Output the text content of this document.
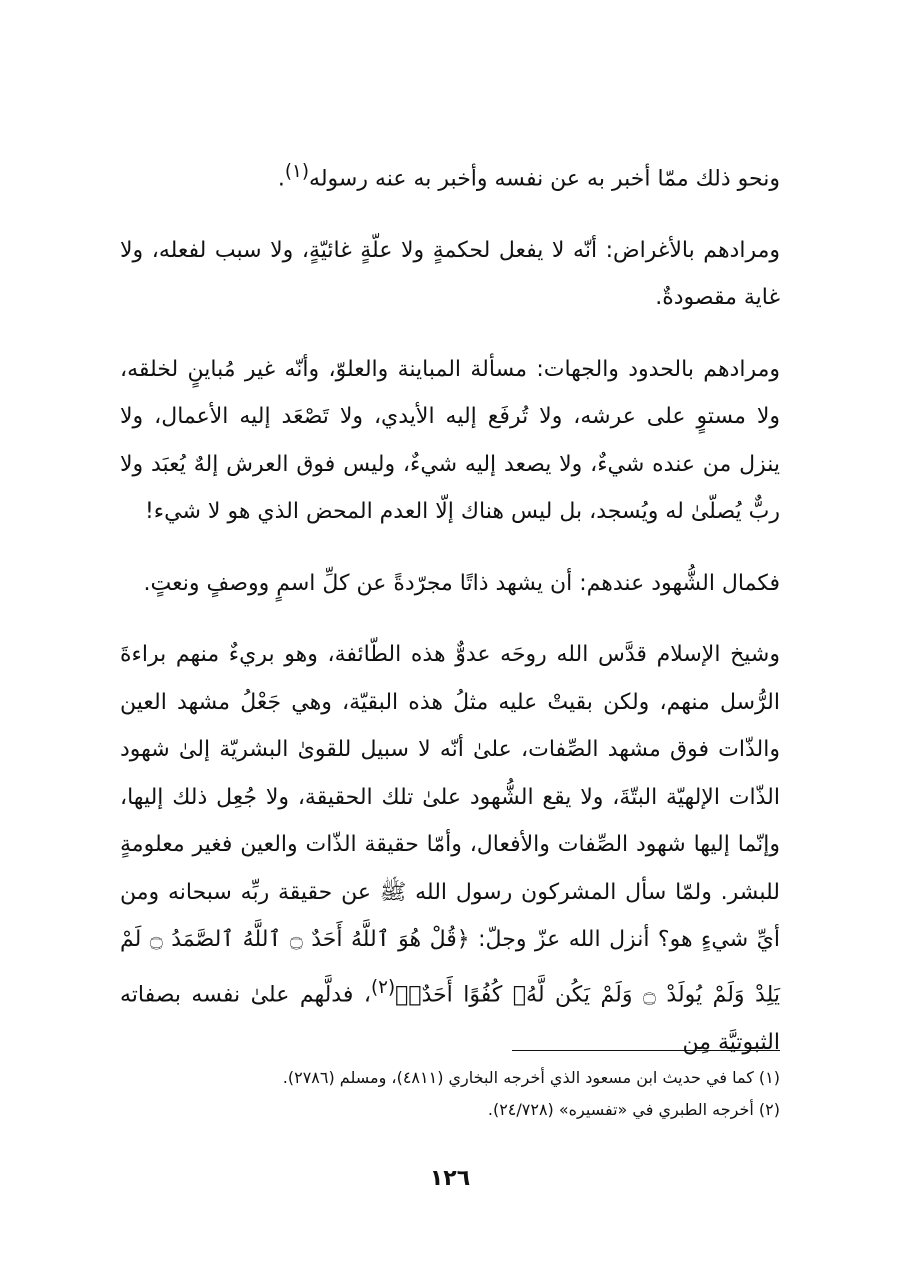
ونحو ذلك ممّا أخبر به عن نفسه وأخبر به عنه رسوله$^{(١)}$.

ومرادهم بالأغراض: أنّه لا يفعل لحكمةٍ ولا علّةٍ غائيّةٍ، ولا سبب لفعله، ولا غاية مقصودةٌ.

ومرادهم بالحدود والجهات: مسألة المباينة والعلوّ، وأنّه غير مُباينٍ لخلقه، ولا مستوٍ على عرشه، ولا تُرفَع إليه الأيدي، ولا تَصْعَد إليه الأعمال، ولا ينزل من عنده شيءٌ، ولا يصعد إليه شيءٌ، وليس فوق العرش إلهٌ يُعبَد ولا ربٌّ يُصلّىٰ له ويُسجد، بل ليس هناك إلّا العدم المحض الذي هو لا شيء!

فكمال الشُّهود عندهم: أن يشهد ذاتًا مجرّدةً عن كلِّ اسمٍ ووصفٍ ونعتٍ.

وشيخ الإسلام قدَّس الله روحَه عدوٌّ هذه الطّائفة، وهو بريءٌ منهم براءةَ الرُّسل منهم، ولكن بقيتْ عليه مثلُ هذه البقيّة، وهي جَعْلُ مشهد العين والذّات فوق مشهد الصِّفات، علىٰ أنّه لا سبيل للقوىٰ البشريّة إلىٰ شهود الذّات الإلهيّة البتّةَ، ولا يقع الشُّهود علىٰ تلك الحقيقة، ولا جُعِل ذلك إليها، وإنّما إليها شهود الصِّفات والأفعال، وأمّا حقيقة الذّات والعين فغير معلومةٍ للبشر. ولمّا سأل المشركون رسول الله ﷺ عن حقيقة ربِّه سبحانه ومن أيِّ شيءٍ هو؟ أنزل الله عزّ وجلّ: ﴿قُلْ هُوَ ٱللَّهُ أَحَدٌ ۝ ٱللَّهُ ٱلصَّمَدُ ۝ لَمْ يَلِدْ وَلَمْ يُولَدْ ۝ وَلَمْ يَكُن لَّهُۥ كُفُوًا أَحَدٌۢ﴾$^{(٢)}$، فدلَّهم علىٰ نفسه بصفاته الثبوتيَّة مِن

(١) كما في حديث ابن مسعود الذي أخرجه البخاري (٤٨١١)، ومسلم (٢٧٨٦).

(٢) أخرجه الطبري في «تفسيره» (٢٤/٧٢٨).

١٢٦
